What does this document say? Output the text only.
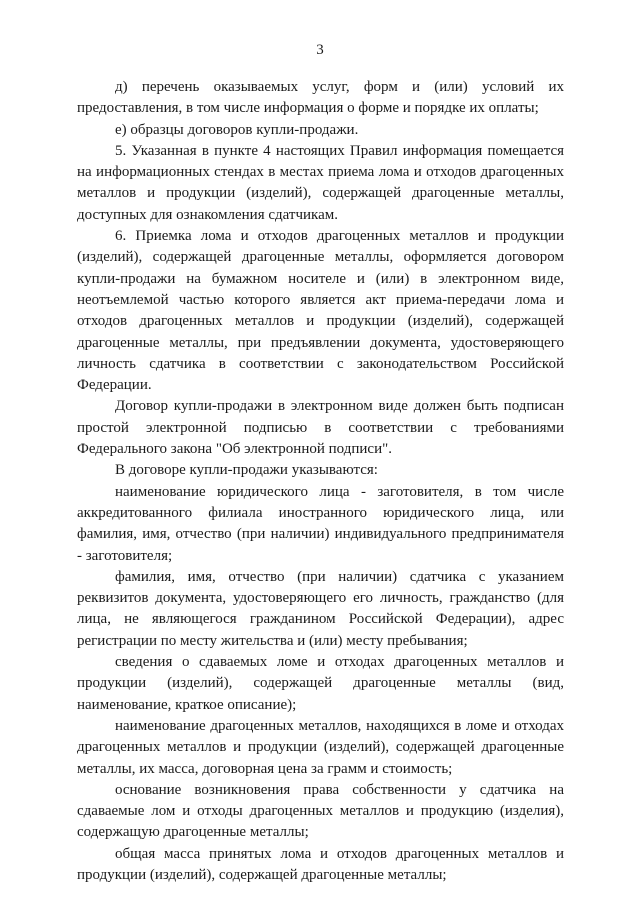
3

д) перечень оказываемых услуг, форм и (или) условий их предоставления, в том числе информация о форме и порядке их оплаты;

е) образцы договоров купли-продажи.

5. Указанная в пункте 4 настоящих Правил информация помещается на информационных стендах в местах приема лома и отходов драгоценных металлов и продукции (изделий), содержащей драгоценные металлы, доступных для ознакомления сдатчикам.

6. Приемка лома и отходов драгоценных металлов и продукции (изделий), содержащей драгоценные металлы, оформляется договором купли-продажи на бумажном носителе и (или) в электронном виде, неотъемлемой частью которого является акт приема-передачи лома и отходов драгоценных металлов и продукции (изделий), содержащей драгоценные металлы, при предъявлении документа, удостоверяющего личность сдатчика в соответствии с законодательством Российской Федерации.

Договор купли-продажи в электронном виде должен быть подписан простой электронной подписью в соответствии с требованиями Федерального закона "Об электронной подписи".

В договоре купли-продажи указываются:

наименование юридического лица - заготовителя, в том числе аккредитованного филиала иностранного юридического лица, или фамилия, имя, отчество (при наличии) индивидуального предпринимателя - заготовителя;

фамилия, имя, отчество (при наличии) сдатчика с указанием реквизитов документа, удостоверяющего его личность, гражданство (для лица, не являющегося гражданином Российской Федерации), адрес регистрации по месту жительства и (или) месту пребывания;

сведения о сдаваемых ломе и отходах драгоценных металлов и продукции (изделий), содержащей драгоценные металлы (вид, наименование, краткое описание);

наименование драгоценных металлов, находящихся в ломе и отходах драгоценных металлов и продукции (изделий), содержащей драгоценные металлы, их масса, договорная цена за грамм и стоимость;

основание возникновения права собственности у сдатчика на сдаваемые лом и отходы драгоценных металлов и продукцию (изделия), содержащую драгоценные металлы;

общая масса принятых лома и отходов драгоценных металлов и продукции (изделий), содержащей драгоценные металлы;
